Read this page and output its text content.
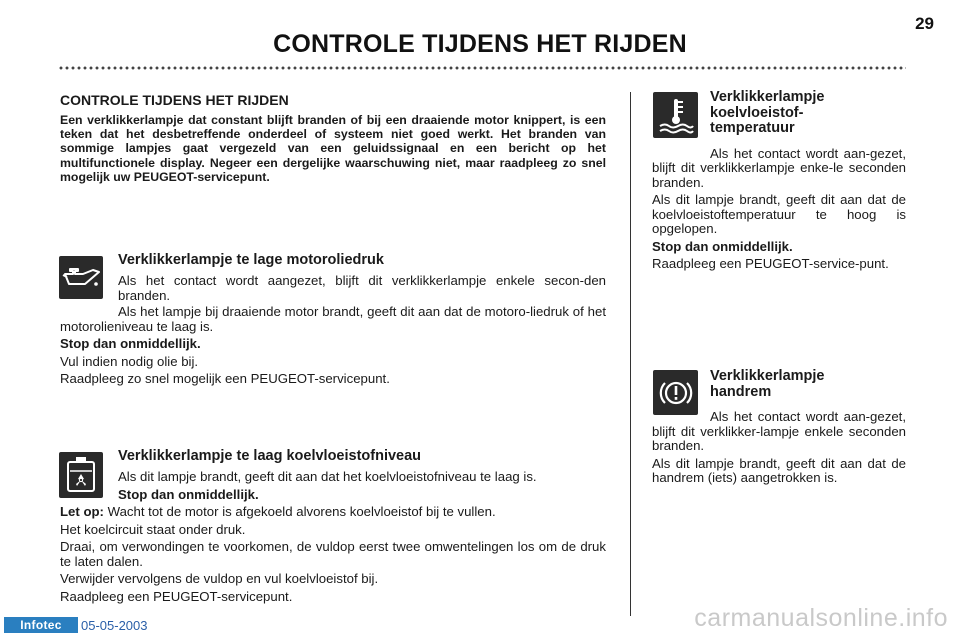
CONTROLE TIJDENS HET RIJDEN
29

CONTROLE TIJDENS HET RIJDEN

Een verklikkerlampje dat constant blijft branden of bij een draaiende motor knippert, is een teken dat het desbetreffende onderdeel of systeem niet goed werkt. Het branden van sommige lampjes gaat vergezeld van een geluidssignaal en een bericht op het multifunctionele display. Negeer een dergelijke waarschuwing niet, maar raadpleeg zo snel mogelijk uw PEUGEOT-servicepunt.

Verklikkerlampje te lage motoroliedruk

Als het contact wordt aangezet, blijft dit verklikkerlampje enkele secon-den branden.

Als het lampje bij draaiende motor brandt, geeft dit aan dat de motoro-liedruk of het motorolieniveau te laag is.

Stop dan onmiddellijk.

Vul indien nodig olie bij.

Raadpleeg zo snel mogelijk een PEUGEOT-servicepunt.

Verklikkerlampje te laag koelvloeistofniveau

Als dit lampje brandt, geeft dit aan dat het koelvloeistofniveau te laag is.

Stop dan onmiddellijk.

Let op: Wacht tot de motor is afgekoeld alvorens koelvloeistof bij te vullen.

Het koelcircuit staat onder druk.

Draai, om verwondingen te voorkomen, de vuldop eerst twee omwentelingen los om de druk te laten dalen.

Verwijder vervolgens de vuldop en vul koelvloeistof bij.

Raadpleeg een PEUGEOT-servicepunt.

Verklikkerlampje

koelvloeistof-

temperatuur

Als het contact wordt aan-gezet, blijft dit verklikkerlampje enke-le seconden branden.

Als dit lampje brandt, geeft dit aan dat de koelvloeistoftemperatuur te hoog is opgelopen.

Stop dan onmiddellijk.

Raadpleeg een PEUGEOT-service-punt.

Verklikkerlampje

handrem

Als het contact wordt aan-gezet, blijft dit verklikker-lampje enkele seconden branden.

Als dit lampje brandt, geeft dit aan dat de handrem (iets) aangetrokken is.

Infotec	05-05-2003	carmanualsonline.info
